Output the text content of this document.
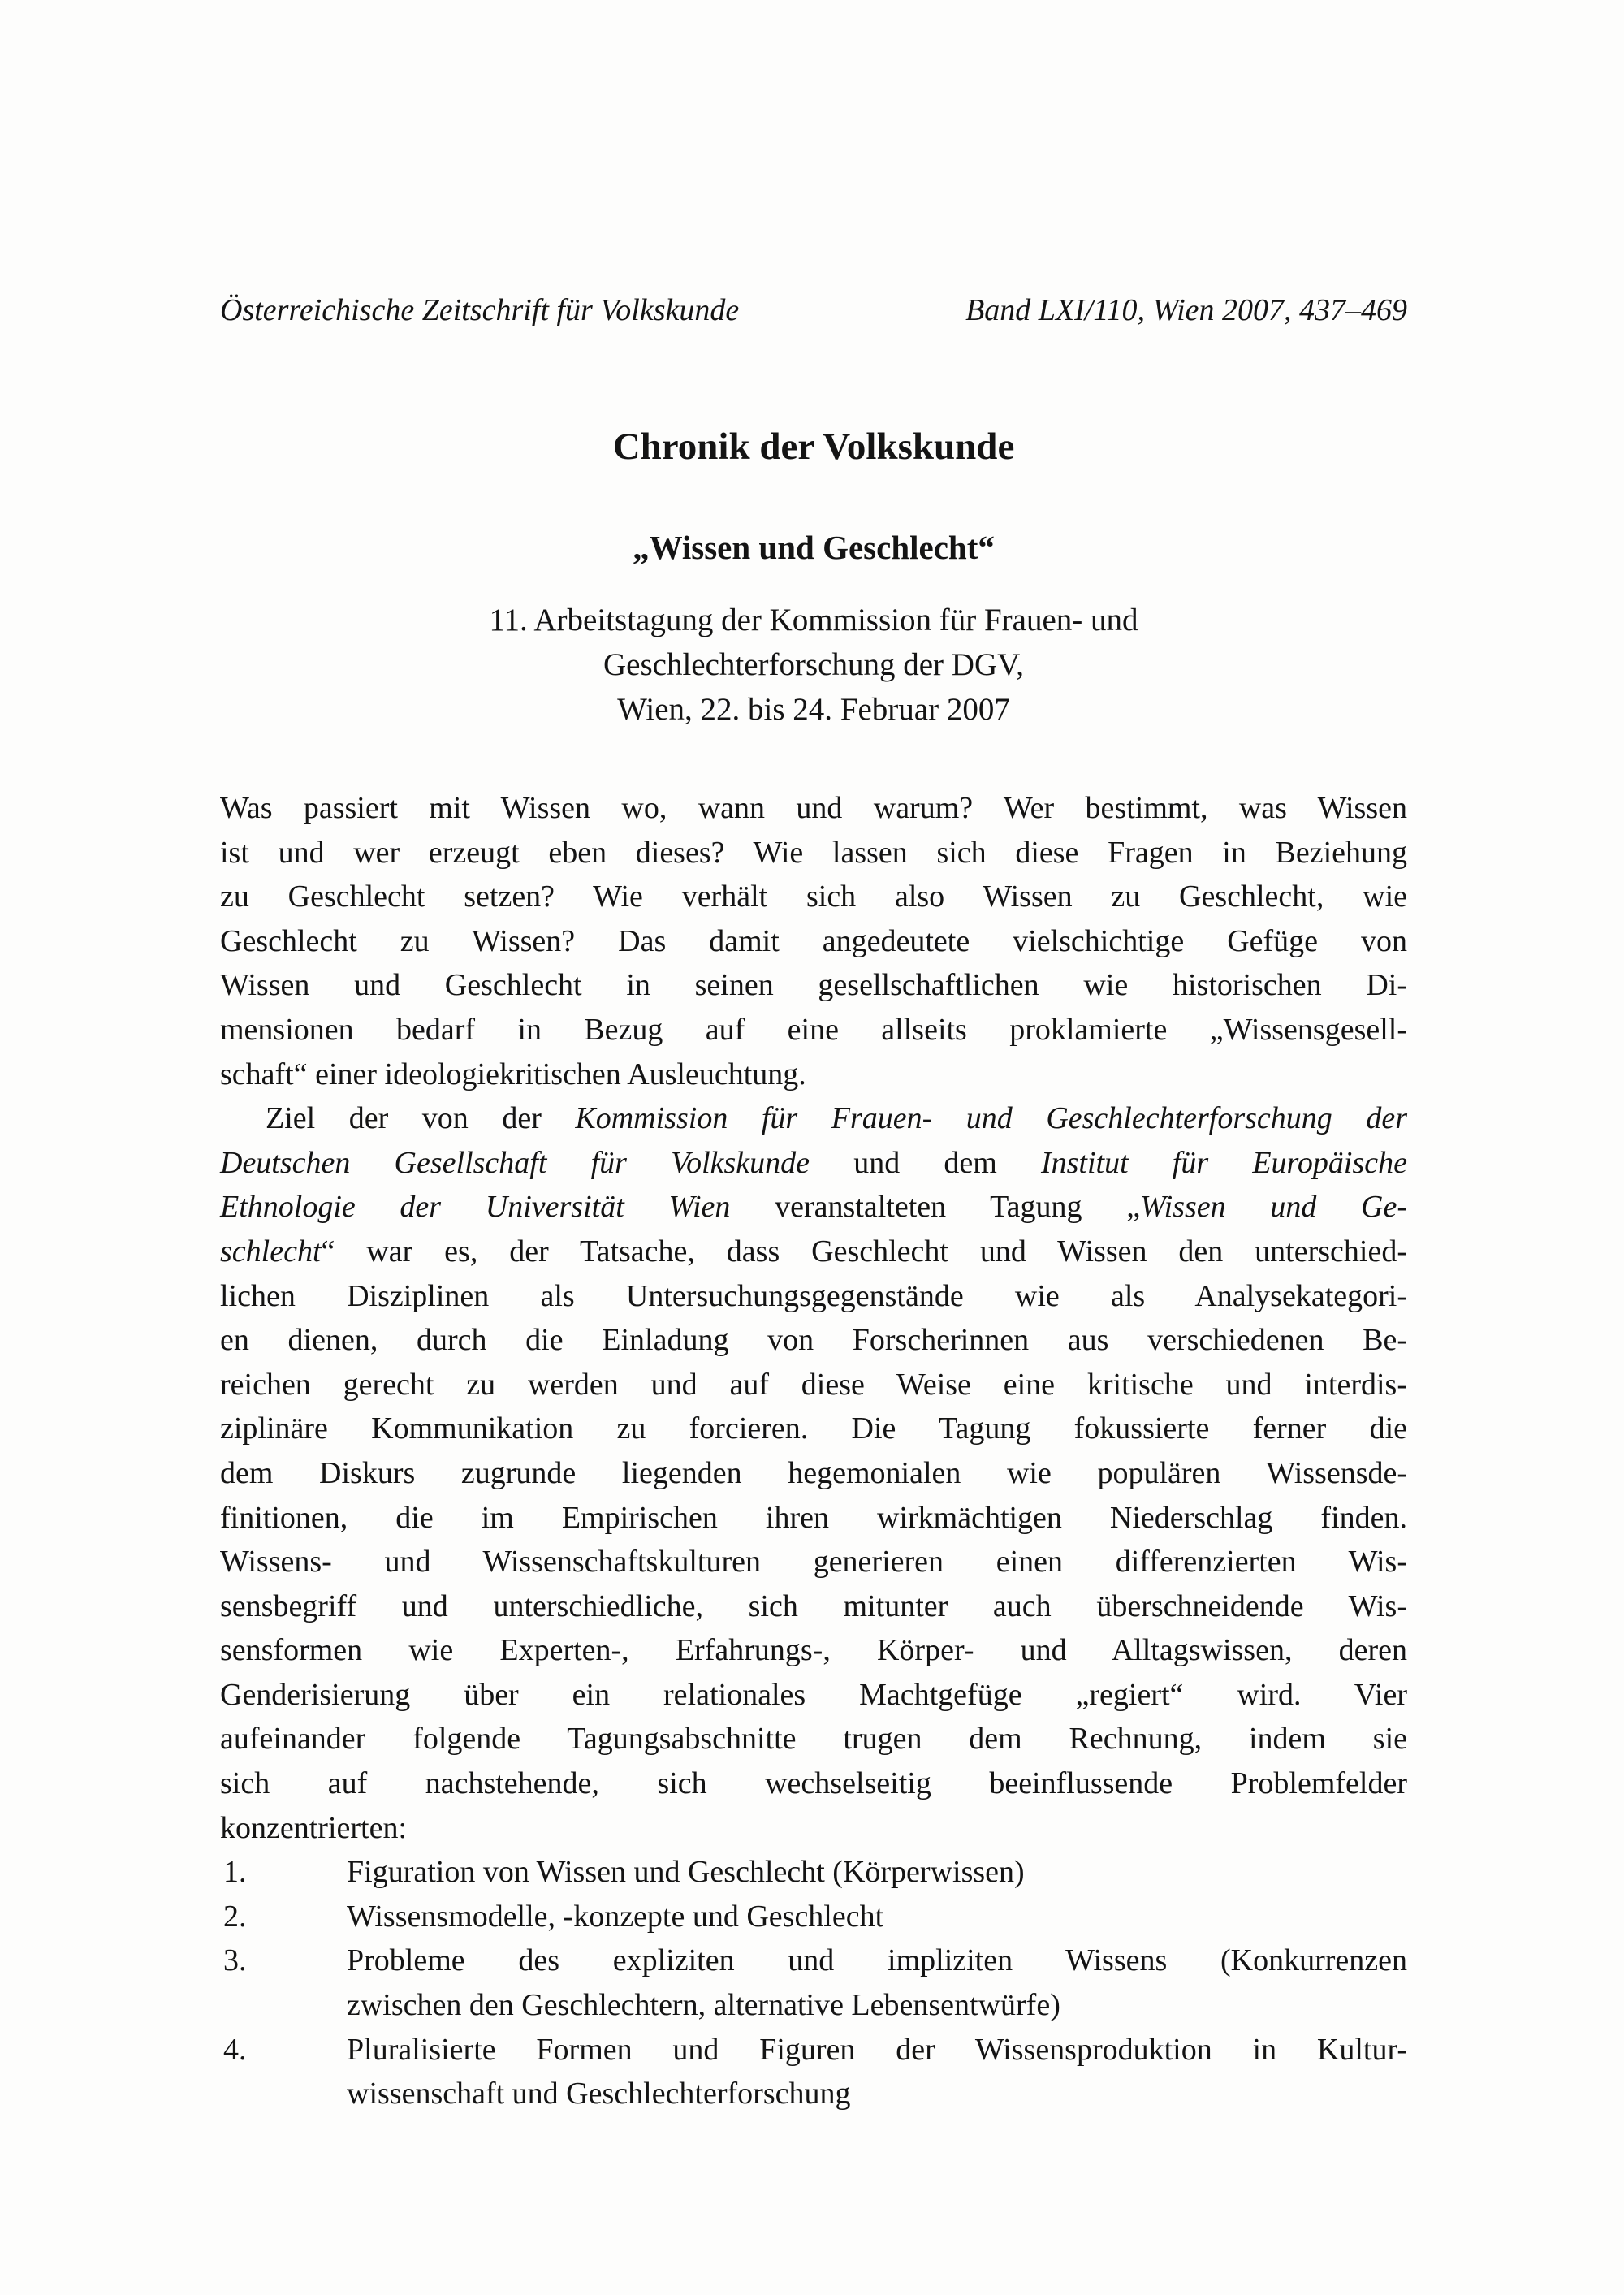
Österreichische Zeitschrift für Volkskunde	Band LXI/110, Wien 2007, 437–469
Chronik der Volkskunde
„Wissen und Geschlecht“
11. Arbeitstagung der Kommission für Frauen- und
Geschlechterforschung der DGV,
Wien, 22. bis 24. Februar 2007
Was passiert mit Wissen wo, wann und warum? Wer bestimmt, was Wissen
ist und wer erzeugt eben dieses? Wie lassen sich diese Fragen in Beziehung
zu Geschlecht setzen? Wie verhält sich also Wissen zu Geschlecht, wie
Geschlecht zu Wissen? Das damit angedeutete vielschichtige Gefüge von
Wissen und Geschlecht in seinen gesellschaftlichen wie historischen Di-
mensionen bedarf in Bezug auf eine allseits proklamierte „Wissensgesell-
schaft“ einer ideologiekritischen Ausleuchtung.
Ziel der von der Kommission für Frauen- und Geschlechterforschung der
Deutschen Gesellschaft für Volkskunde und dem Institut für Europäische
Ethnologie der Universität Wien veranstalteten Tagung „Wissen und Ge-
schlecht“ war es, der Tatsache, dass Geschlecht und Wissen den unterschied-
lichen Disziplinen als Untersuchungsgegenstände wie als Analysekategori-
en dienen, durch die Einladung von Forscherinnen aus verschiedenen Be-
reichen gerecht zu werden und auf diese Weise eine kritische und interdis-
ziplinäre Kommunikation zu forcieren. Die Tagung fokussierte ferner die
dem Diskurs zugrunde liegenden hegemonialen wie populären Wissensde-
finitionen, die im Empirischen ihren wirkmächtigen Niederschlag finden.
Wissens- und Wissenschaftskulturen generieren einen differenzierten Wis-
sensbegriff und unterschiedliche, sich mitunter auch überschneidende Wis-
sensformen wie Experten-, Erfahrungs-, Körper- und Alltagswissen, deren
Genderisierung über ein relationales Machtgefüge „regiert“ wird. Vier
aufeinander folgende Tagungsabschnitte trugen dem Rechnung, indem sie
sich auf nachstehende, sich wechselseitig beeinflussende Problemfelder
konzentrierten:
1.	Figuration von Wissen und Geschlecht (Körperwissen)
2.	Wissensmodelle, -konzepte und Geschlecht
3.	Probleme des expliziten und impliziten Wissens (Konkurrenzen
zwischen den Geschlechtern, alternative Lebensentwürfe)
4.	Pluralisierte Formen und Figuren der Wissensproduktion in Kultur-
wissenschaft und Geschlechterforschung
